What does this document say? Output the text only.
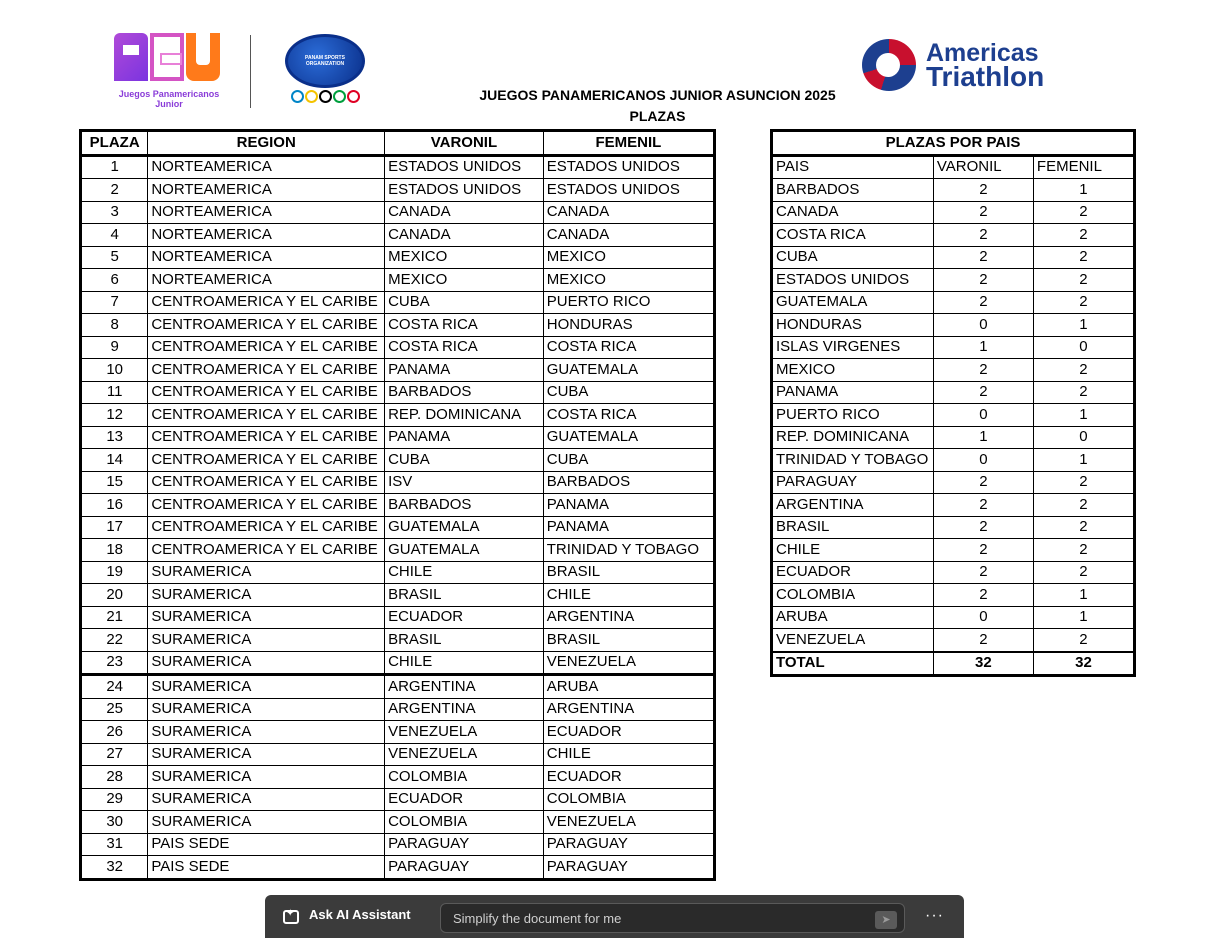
Juegos Panamericanos
Junior
PANAM SPORTS ORGANIZATION	Americas
Triathlon
JUEGOS PANAMERICANOS JUNIOR ASUNCION 2025
PLAZAS
PLAZA	REGION	VARONIL	FEMENIL
1	NORTEAMERICA	ESTADOS UNIDOS	ESTADOS UNIDOS
2	NORTEAMERICA	ESTADOS UNIDOS	ESTADOS UNIDOS
3	NORTEAMERICA	CANADA	CANADA
4	NORTEAMERICA	CANADA	CANADA
5	NORTEAMERICA	MEXICO	MEXICO
6	NORTEAMERICA	MEXICO	MEXICO
7	CENTROAMERICA Y EL CARIBE	CUBA	PUERTO RICO
8	CENTROAMERICA Y EL CARIBE	COSTA RICA	HONDURAS
9	CENTROAMERICA Y EL CARIBE	COSTA RICA	COSTA RICA
10	CENTROAMERICA Y EL CARIBE	PANAMA	GUATEMALA
11	CENTROAMERICA Y EL CARIBE	BARBADOS	CUBA
12	CENTROAMERICA Y EL CARIBE	REP. DOMINICANA	COSTA RICA
13	CENTROAMERICA Y EL CARIBE	PANAMA	GUATEMALA
14	CENTROAMERICA Y EL CARIBE	CUBA	CUBA
15	CENTROAMERICA Y EL CARIBE	ISV	BARBADOS
16	CENTROAMERICA Y EL CARIBE	BARBADOS	PANAMA
17	CENTROAMERICA Y EL CARIBE	GUATEMALA	PANAMA
18	CENTROAMERICA Y EL CARIBE	GUATEMALA	TRINIDAD Y TOBAGO
19	SURAMERICA	CHILE	BRASIL
20	SURAMERICA	BRASIL	CHILE
21	SURAMERICA	ECUADOR	ARGENTINA
22	SURAMERICA	BRASIL	BRASIL
23	SURAMERICA	CHILE	VENEZUELA
24	SURAMERICA	ARGENTINA	ARUBA
25	SURAMERICA	ARGENTINA	ARGENTINA
26	SURAMERICA	VENEZUELA	ECUADOR
27	SURAMERICA	VENEZUELA	CHILE
28	SURAMERICA	COLOMBIA	ECUADOR
29	SURAMERICA	ECUADOR	COLOMBIA
30	SURAMERICA	COLOMBIA	VENEZUELA
31	PAIS SEDE	PARAGUAY	PARAGUAY
32	PAIS SEDE	PARAGUAY	PARAGUAY
PLAZAS POR PAIS		
PAIS	VARONIL	FEMENIL
BARBADOS	2	1
CANADA	2	2
COSTA RICA	2	2
CUBA	2	2
ESTADOS UNIDOS	2	2
GUATEMALA	2	2
HONDURAS	0	1
ISLAS VIRGENES	1	0
MEXICO	2	2
PANAMA	2	2
PUERTO RICO	0	1
REP. DOMINICANA	1	0
TRINIDAD Y TOBAGO	0	1
PARAGUAY	2	2
ARGENTINA	2	2
BRASIL	2	2
CHILE	2	2
ECUADOR	2	2
COLOMBIA	2	1
ARUBA	0	1
VENEZUELA	2	2
TOTAL	32	32
✦
Ask AI Assistant
Simplify the document for me	➤	···
